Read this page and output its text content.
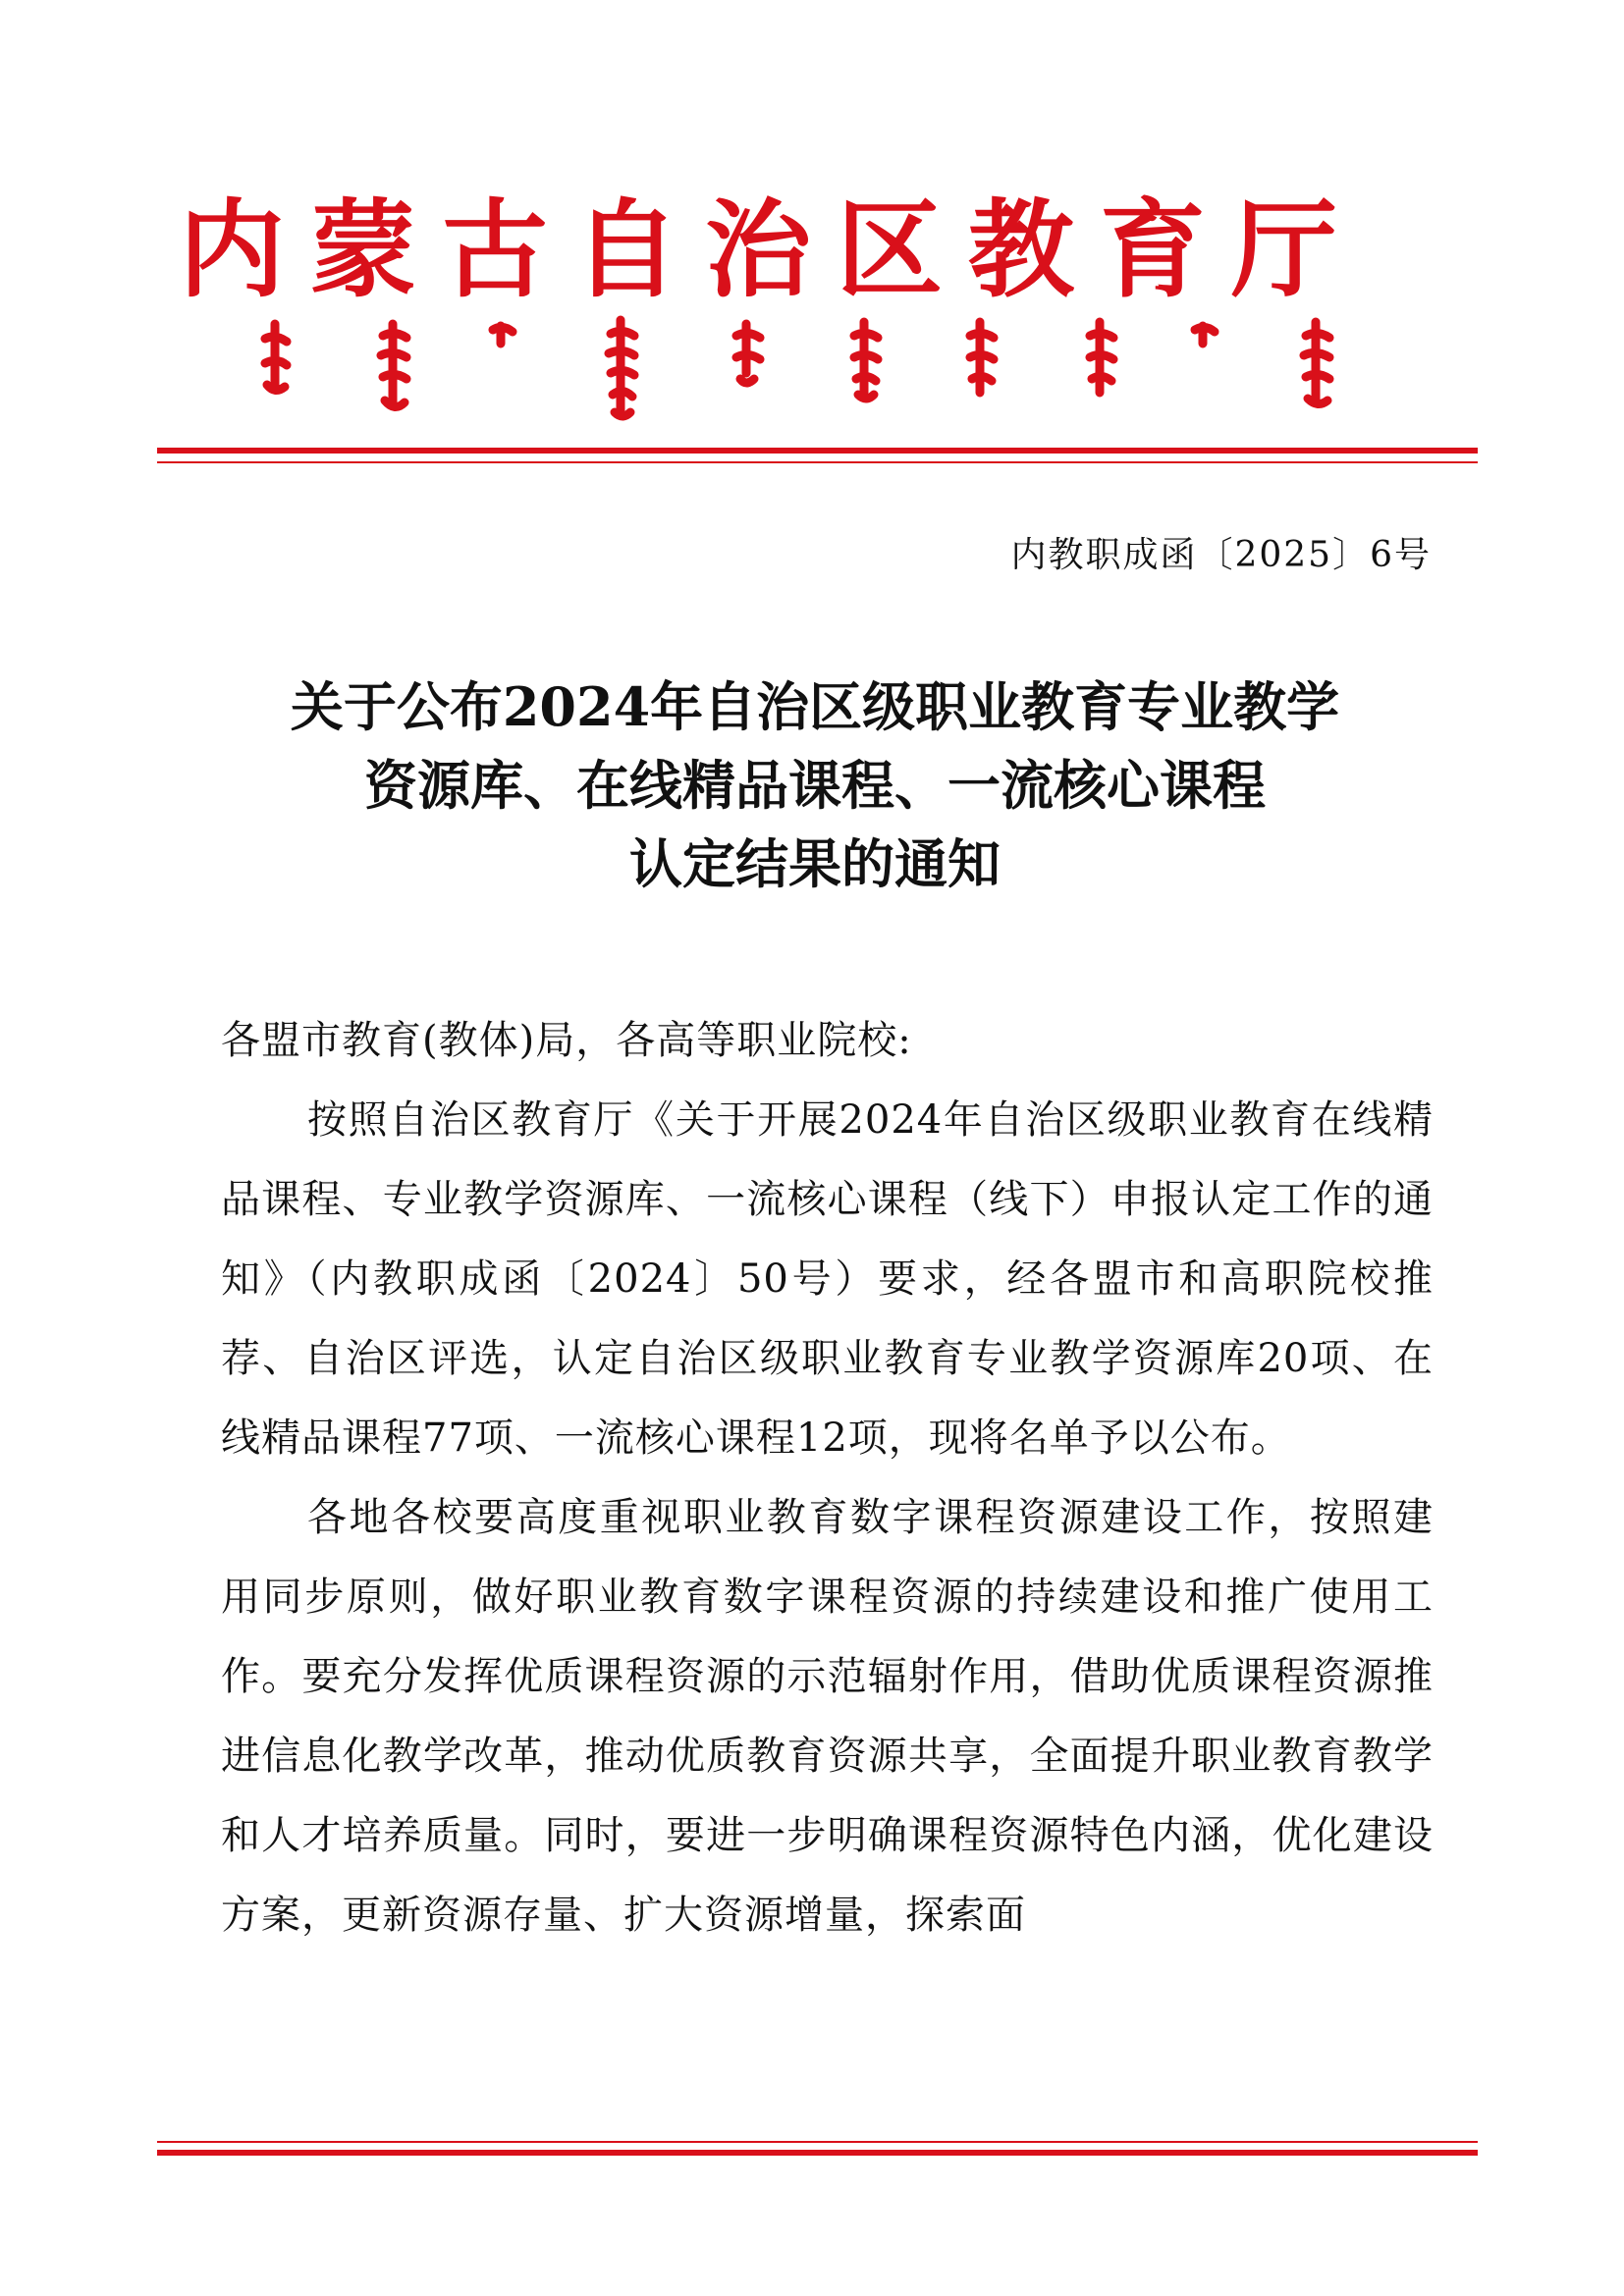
内蒙古自治区教育厅
内教职成函〔2025〕6号
关于公布2024年自治区级职业教育专业教学
资源库、在线精品课程、一流核心课程
认定结果的通知

各盟市教育(教体)局，各高等职业院校:

按照自治区教育厅《关于开展2024年自治区级职业教育在线精品课程、专业教学资源库、一流核心课程（线下）申报认定工作的通知》（内教职成函〔2024〕50号）要求，经各盟市和高职院校推荐、自治区评选，认定自治区级职业教育专业教学资源库20项、在线精品课程77项、一流核心课程12项，现将名单予以公布。

各地各校要高度重视职业教育数字课程资源建设工作，按照建用同步原则，做好职业教育数字课程资源的持续建设和推广使用工作。要充分发挥优质课程资源的示范辐射作用，借助优质课程资源推进信息化教学改革，推动优质教育资源共享，全面提升职业教育教学和人才培养质量。同时，要进一步明确课程资源特色内涵，优化建设方案，更新资源存量、扩大资源增量，探索面
